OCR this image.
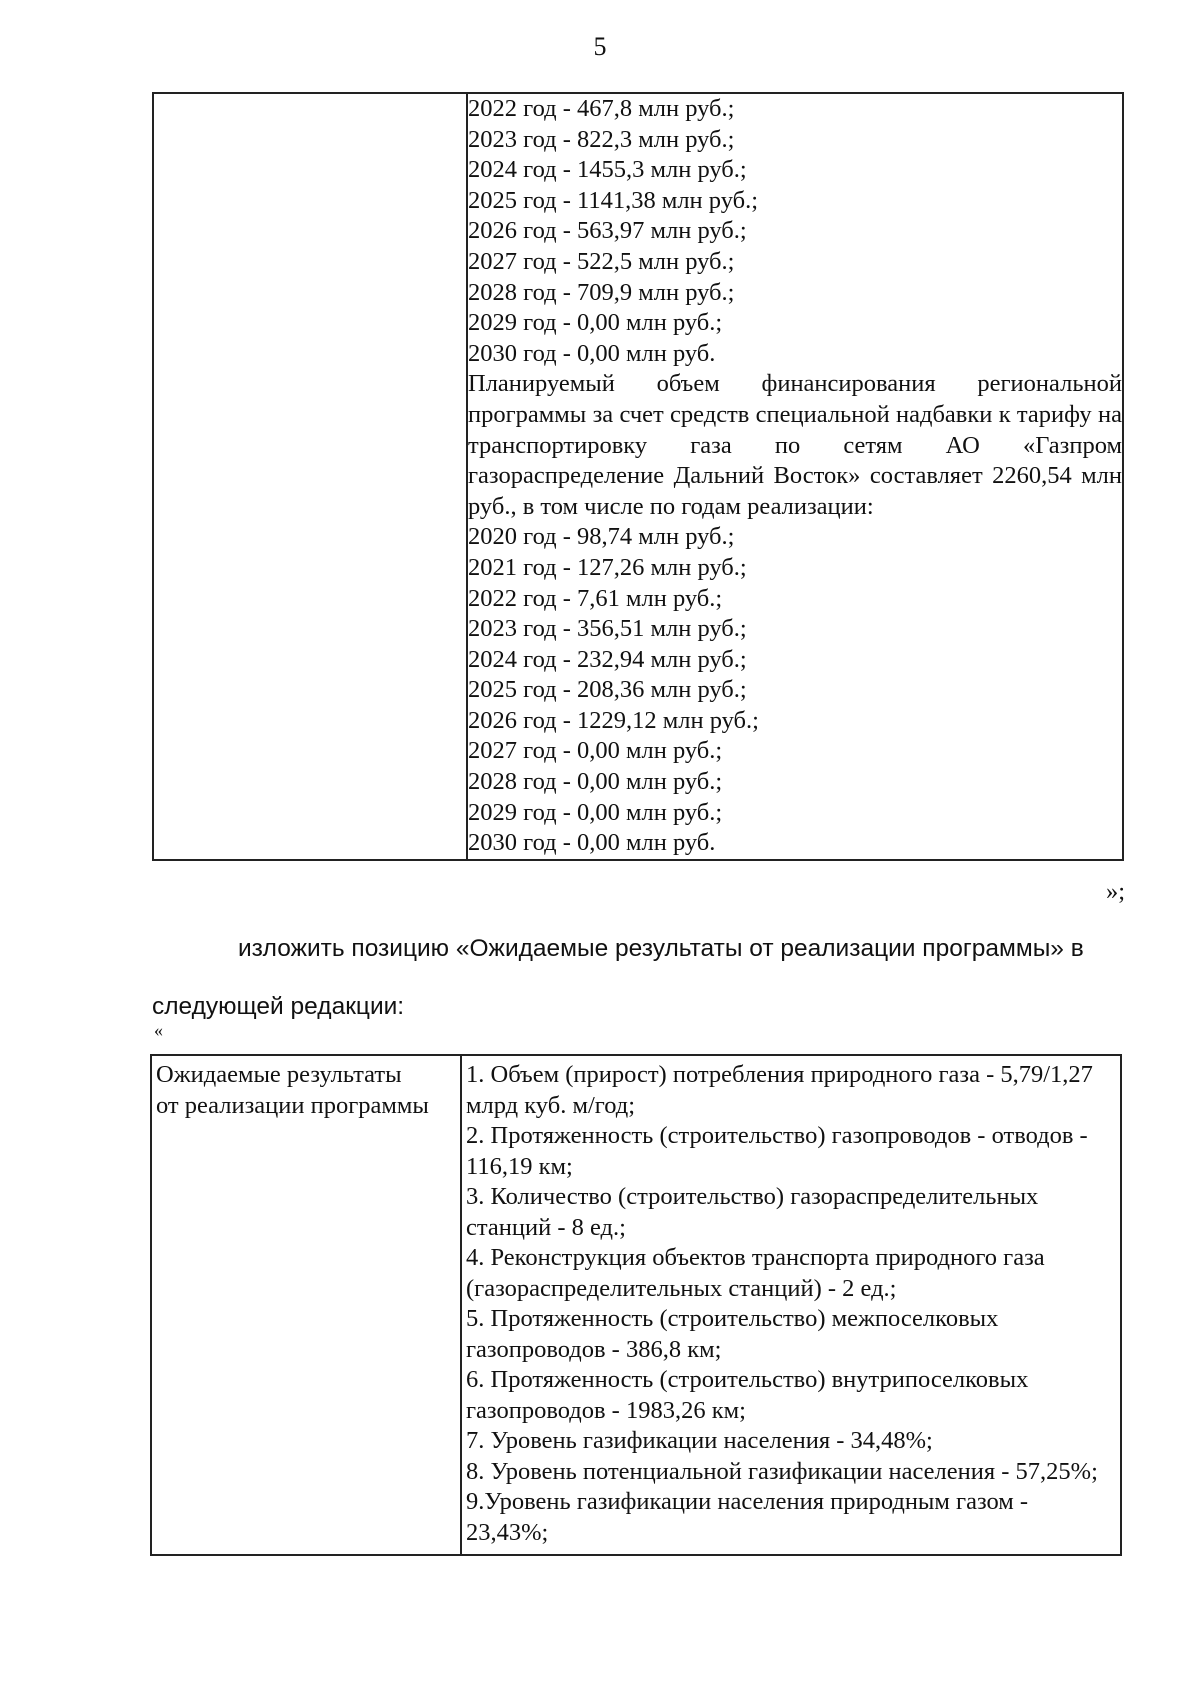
5

2022 год - 467,8 млн руб.;
2023 год - 822,3 млн руб.;
2024 год - 1455,3 млн руб.;
2025 год - 1141,38 млн руб.;
2026 год - 563,97 млн руб.;
2027 год - 522,5 млн руб.;
2028 год - 709,9 млн руб.;
2029 год - 0,00 млн руб.;
2030 год - 0,00 млн руб.
Планируемый объем финансирования региональной программы за счет средств специальной надбавки к тарифу на транспортировку газа по сетям АО «Газпром газораспределение Дальний Восток» составляет 2260,54 млн руб., в том числе по годам реализации:
2020 год - 98,74 млн руб.;
2021 год - 127,26 млн руб.;
2022 год - 7,61 млн руб.;
2023 год - 356,51 млн руб.;
2024 год - 232,94 млн руб.;
2025 год - 208,36 млн руб.;
2026 год - 1229,12 млн руб.;
2027 год - 0,00 млн руб.;
2028 год - 0,00 млн руб.;
2029 год - 0,00 млн руб.;
2030 год - 0,00 млн руб.
»;
изложить позицию «Ожидаемые результаты от реализации программы» в
следующей редакции:
«
Ожидаемые результаты
от реализации программы

1. Объем (прирост) потребления природного газа - 5,79/1,27 млрд куб. м/год;
2. Протяженность (строительство) газопроводов - отводов - 116,19 км;
3. Количество (строительство) газораспределительных станций - 8 ед.;
4. Реконструкция объектов транспорта природного газа (газораспределительных станций) - 2 ед.;
5. Протяженность (строительство) межпоселковых газопроводов - 386,8 км;
6. Протяженность (строительство) внутрипоселковых газопроводов - 1983,26 км;
7. Уровень газификации населения - 34,48%;
8. Уровень потенциальной газификации населения - 57,25%;
9.Уровень газификации населения природным газом - 23,43%;
